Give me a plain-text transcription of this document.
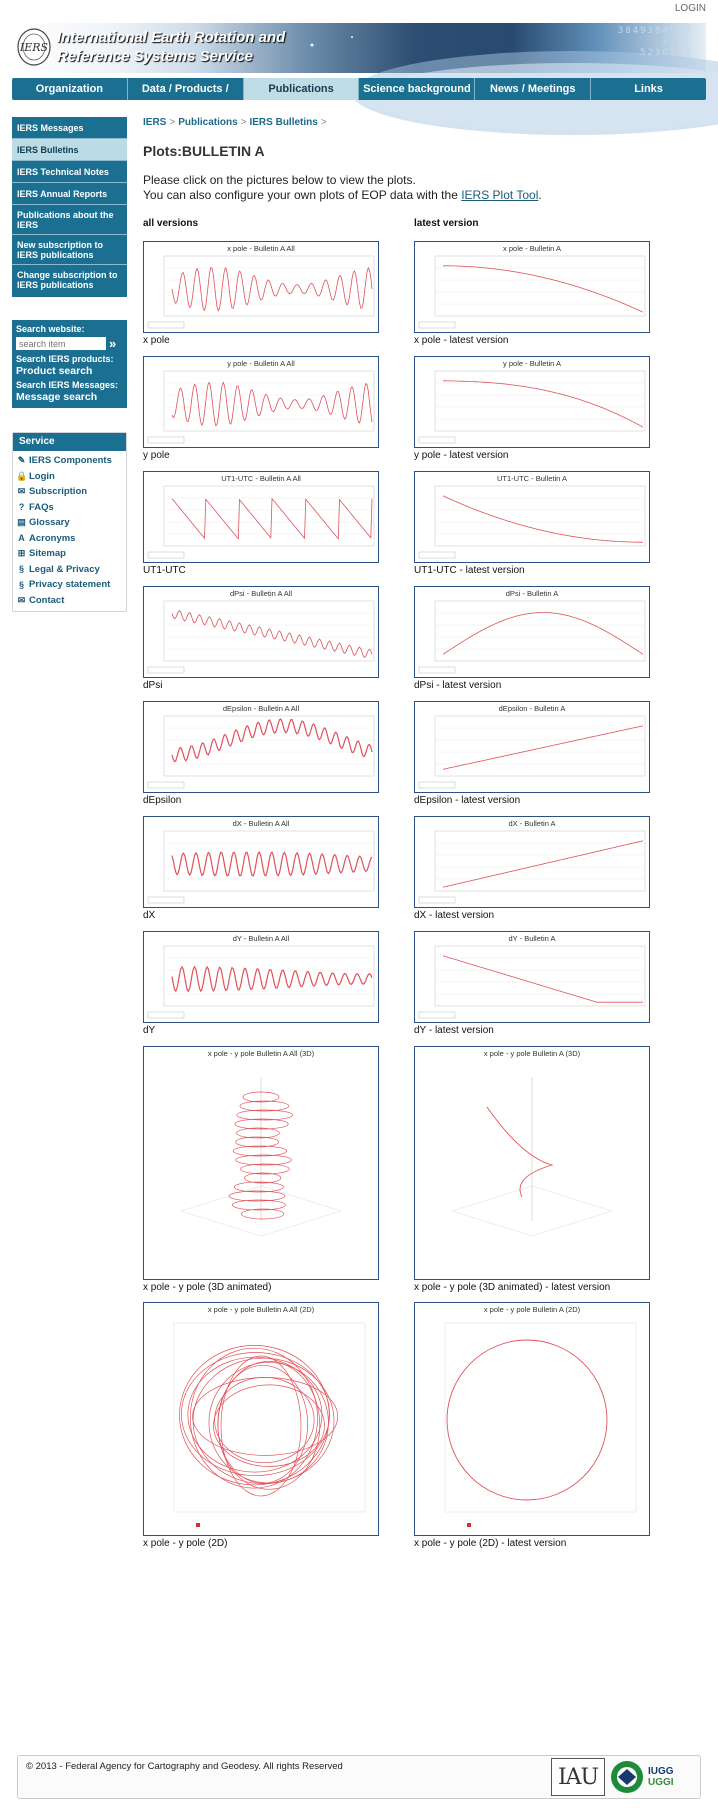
LOGIN
IERS
International Earth Rotation and
Reference Systems Service
3849384980
2788
5216389
Organization	Data / Products / Tools
Publications	Science background	News / Meetings	Links
IERS Messages
IERS Bulletins
IERS Technical Notes
IERS Annual Reports
Publications about the IERS
New subscription to IERS publications
Change subscription to IERS publications
Search website:
search item
»
Search IERS products:
Product search
Search IERS Messages:
Message search
Service
✎ IERS Components
🔒 Login
✉ Subscription
? FAQs
▤ Glossary
A Acronyms
⊞ Sitemap
§ Legal & Privacy
§ Privacy statement
✉ Contact
IERS > Publications > IERS Bulletins >
Plots:BULLETIN A
Please click on the pictures below to view the plots.
You can also configure your own plots of EOP data with the IERS Plot Tool.
all versions	latest version
x pole - Bulletin A All
x pole
x pole - Bulletin A
x pole - latest version
y pole - Bulletin A All
y pole
y pole - Bulletin A
y pole - latest version
UT1-UTC - Bulletin A All
UT1-UTC
UT1-UTC - Bulletin A
UT1-UTC - latest version
dPsi - Bulletin A All
dPsi
dPsi - Bulletin A
dPsi - latest version
dEpsilon - Bulletin A All
dEpsilon
dEpsilon - Bulletin A
dEpsilon - latest version
dX - Bulletin A All
dX
dX - Bulletin A
dX - latest version
dY - Bulletin A All
dY
dY - Bulletin A
dY - latest version
x pole - y pole Bulletin A All (3D)
x pole - y pole (3D animated)
x pole - y pole Bulletin A (3D)
x pole - y pole (3D animated) - latest version
x pole - y pole Bulletin A All (2D)
x pole - y pole (2D)
x pole - y pole Bulletin A (2D)
x pole - y pole (2D) - latest version
© 2013 - Federal Agency for Cartography and Geodesy. All rights Reserved	IAU	IUGG
UGGI
